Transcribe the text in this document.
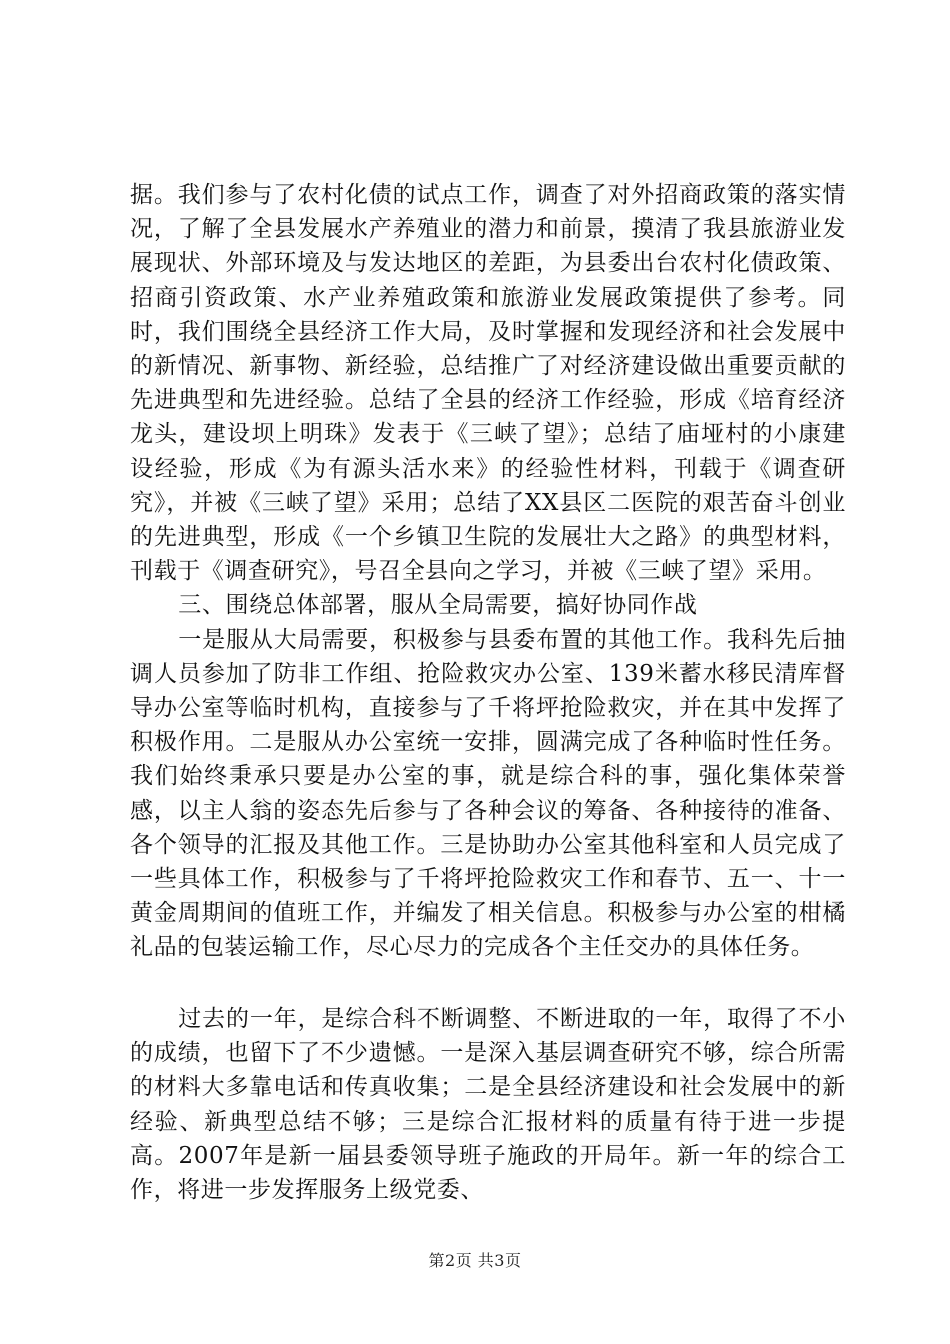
据。我们参与了农村化债的试点工作，调查了对外招商政策的落实情况，了解了全县发展水产养殖业的潜力和前景，摸清了我县旅游业发展现状、外部环境及与发达地区的差距，为县委出台农村化债政策、招商引资政策、水产业养殖政策和旅游业发展政策提供了参考。同时，我们围绕全县经济工作大局，及时掌握和发现经济和社会发展中的新情况、新事物、新经验，总结推广了对经济建设做出重要贡献的先进典型和先进经验。总结了全县的经济工作经验，形成《培育经济龙头，建设坝上明珠》发表于《三峡了望》；总结了庙垭村的小康建设经验，形成《为有源头活水来》的经验性材料，刊载于《调查研究》，并被《三峡了望》采用；总结了XX县区二医院的艰苦奋斗创业的先进典型，形成《一个乡镇卫生院的发展壮大之路》的典型材料，刊载于《调查研究》，号召全县向之学习，并被《三峡了望》采用。

三、围绕总体部署，服从全局需要，搞好协同作战

一是服从大局需要，积极参与县委布置的其他工作。我科先后抽调人员参加了防非工作组、抢险救灾办公室、139米蓄水移民清库督导办公室等临时机构，直接参与了千将坪抢险救灾，并在其中发挥了积极作用。二是服从办公室统一安排，圆满完成了各种临时性任务。我们始终秉承只要是办公室的事，就是综合科的事，强化集体荣誉感，以主人翁的姿态先后参与了各种会议的筹备、各种接待的准备、各个领导的汇报及其他工作。三是协助办公室其他科室和人员完成了一些具体工作，积极参与了千将坪抢险救灾工作和春节、五一、十一黄金周期间的值班工作，并编发了相关信息。积极参与办公室的柑橘礼品的包装运输工作，尽心尽力的完成各个主任交办的具体任务。

过去的一年，是综合科不断调整、不断进取的一年，取得了不小的成绩，也留下了不少遗憾。一是深入基层调查研究不够，综合所需的材料大多靠电话和传真收集；二是全县经济建设和社会发展中的新经验、新典型总结不够；三是综合汇报材料的质量有待于进一步提高。2007年是新一届县委领导班子施政的开局年。新一年的综合工作，将进一步发挥服务上级党委、

第2页 共3页
